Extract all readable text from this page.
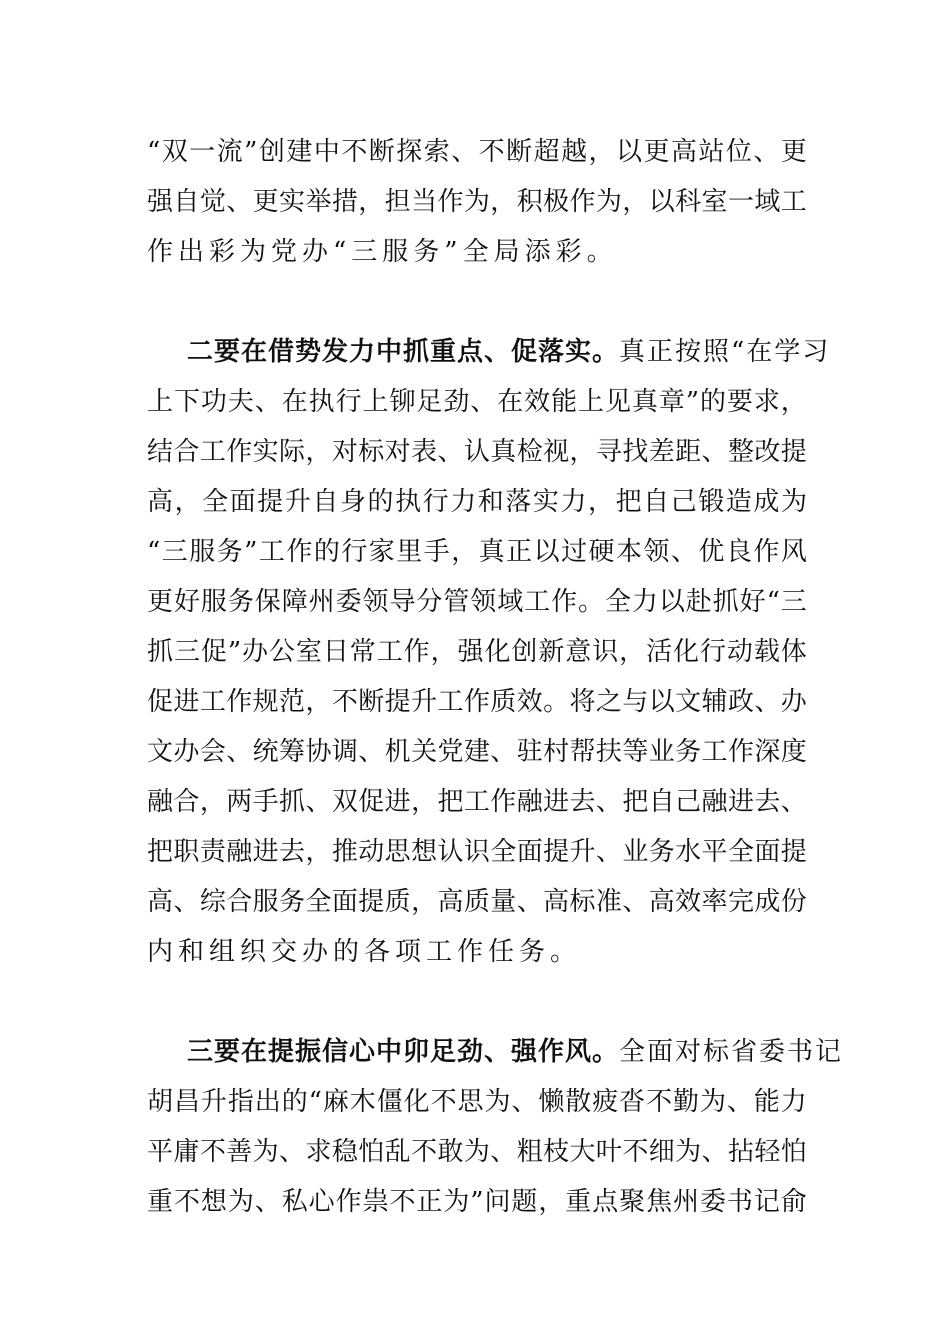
“ 双 一 流 ” 创 建 中 不 断 探 索 、 不 断 超 越 ， 以 更 高 站 位 、 更
强 自 觉 、 更 实 举 措 ， 担 当 作 为 ， 积 极 作 为 ， 以 科 室 一 域 工
作出彩为党办“三服务”全局添彩。
二要在借势发力中抓重点、促落实。 真正按照“在学习
上 下 功 夫 、 在 执 行 上 铆 足 劲 、 在 效 能 上 见 真 章 ” 的 要 求 ，
结 合 工 作 实 际 ， 对 标 对 表 、 认 真 检 视 ， 寻 找 差 距 、 整 改 提
高 ， 全 面 提 升 自 身 的 执 行 力 和 落 实 力 ， 把 自 己 锻 造 成 为
“ 三 服 务 ” 工 作 的 行 家 里 手 ， 真 正 以 过 硬 本 领 、 优 良 作 风
更 好 服 务 保 障 州 委 领 导 分 管 领 域 工 作 。 全 力 以 赴 抓 好 “ 三
抓 三 促 ” 办 公 室 日 常 工 作 ， 强 化 创 新 意 识 ， 活 化 行 动 载 体
促 进 工 作 规 范 ， 不 断 提 升 工 作 质 效 。 将 之 与 以 文 辅 政 、 办
文 办 会 、 统 筹 协 调 、 机 关 党 建 、 驻 村 帮 扶 等 业 务 工 作 深 度
融 合 ， 两 手 抓 、 双 促 进 ， 把 工 作 融 进 去 、 把 自 己 融 进 去 、
把 职 责 融 进 去 ， 推 动 思 想 认 识 全 面 提 升 、 业 务 水 平 全 面 提
高 、 综 合 服 务 全 面 提 质 ， 高 质 量 、 高 标 准 、 高 效 率 完 成 份
内和组织交办的各项工作任务。
三要在提振信心中卯足劲、强作风。 全面对标省委书记
胡 昌 升 指 出 的 “ 麻 木 僵 化 不 思 为 、 懒 散 疲 沓 不 勤 为 、 能 力
平 庸 不 善 为 、 求 稳 怕 乱 不 敢 为 、 粗 枝 大 叶 不 细 为 、 拈 轻 怕
重 不 想 为 、 私 心 作 祟 不 正 为 ” 问 题 ， 重 点 聚 焦 州 委 书 记 俞
